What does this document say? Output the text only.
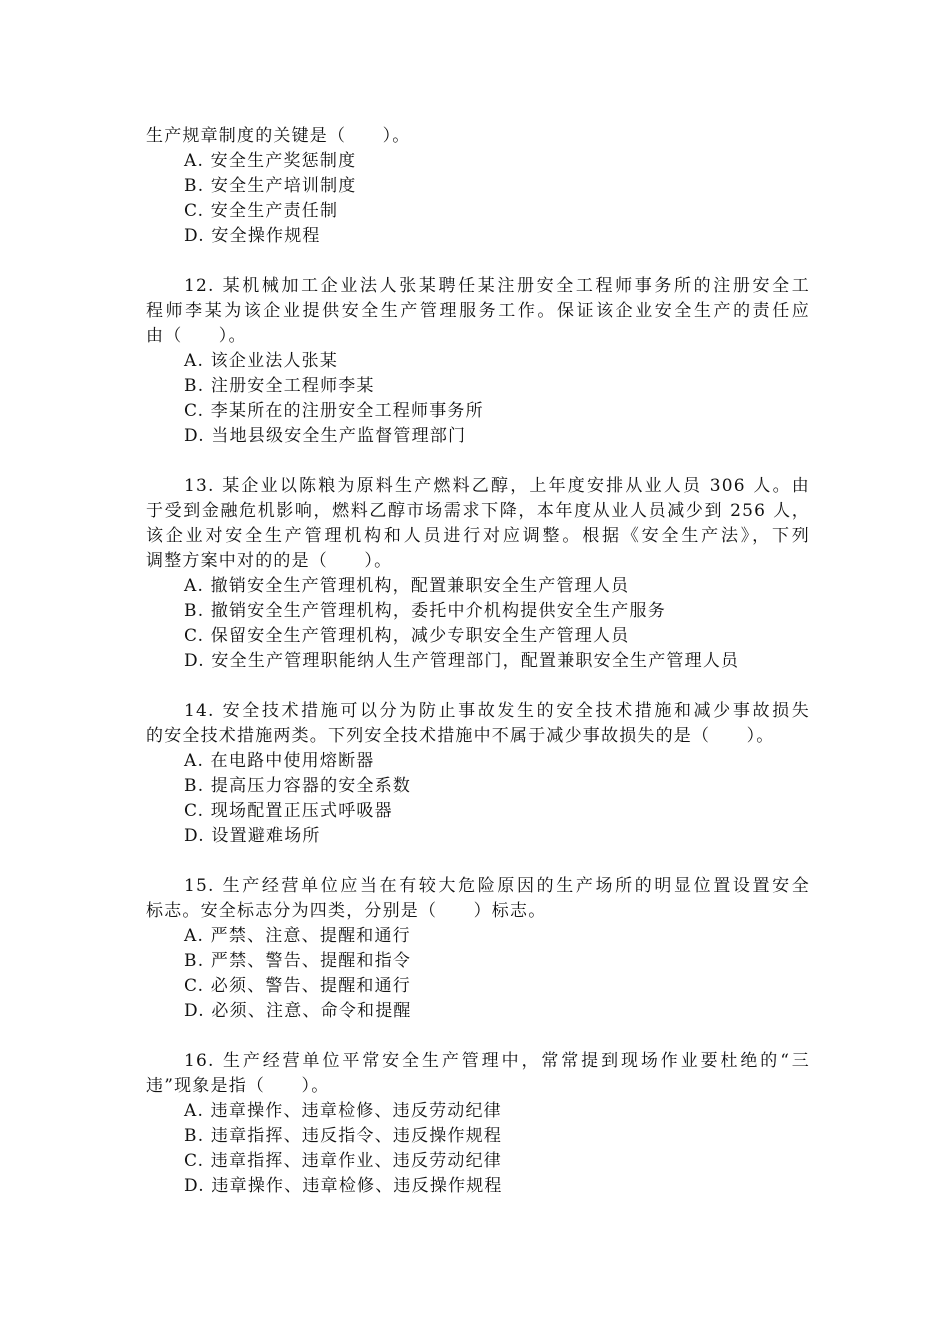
生产规章制度的关键是（　　）。
A. 安全生产奖惩制度
B. 安全生产培训制度
C. 安全生产责任制
D. 安全操作规程
12. 某机械加工企业法人张某聘任某注册安全工程师事务所的注册安全工
程师李某为该企业提供安全生产管理服务工作。保证该企业安全生产的责任应
由（　　）。
A. 该企业法人张某
B. 注册安全工程师李某
C. 李某所在的注册安全工程师事务所
D. 当地县级安全生产监督管理部门
13. 某企业以陈粮为原料生产燃料乙醇，上年度安排从业人员 306 人。由
于受到金融危机影响，燃料乙醇市场需求下降，本年度从业人员减少到 256 人，
该企业对安全生产管理机构和人员进行对应调整。根据《安全生产法》，下列
调整方案中对的的是（　　）。
A. 撤销安全生产管理机构，配置兼职安全生产管理人员
B. 撤销安全生产管理机构，委托中介机构提供安全生产服务
C. 保留安全生产管理机构，减少专职安全生产管理人员
D. 安全生产管理职能纳人生产管理部门，配置兼职安全生产管理人员
14. 安全技术措施可以分为防止事故发生的安全技术措施和减少事故损失
的安全技术措施两类。下列安全技术措施中不属于减少事故损失的是（　　）。
A. 在电路中使用熔断器
B. 提高压力容器的安全系数
C. 现场配置正压式呼吸器
D. 设置避难场所
15. 生产经营单位应当在有较大危险原因的生产场所的明显位置设置安全
标志。安全标志分为四类，分别是（　　）标志。
A. 严禁、注意、提醒和通行
B. 严禁、警告、提醒和指令
C. 必须、警告、提醒和通行
D. 必须、注意、命令和提醒
16. 生产经营单位平常安全生产管理中，常常提到现场作业要杜绝的“三
违”现象是指（　　）。
A. 违章操作、违章检修、违反劳动纪律
B. 违章指挥、违反指令、违反操作规程
C. 违章指挥、违章作业、违反劳动纪律
D. 违章操作、违章检修、违反操作规程
